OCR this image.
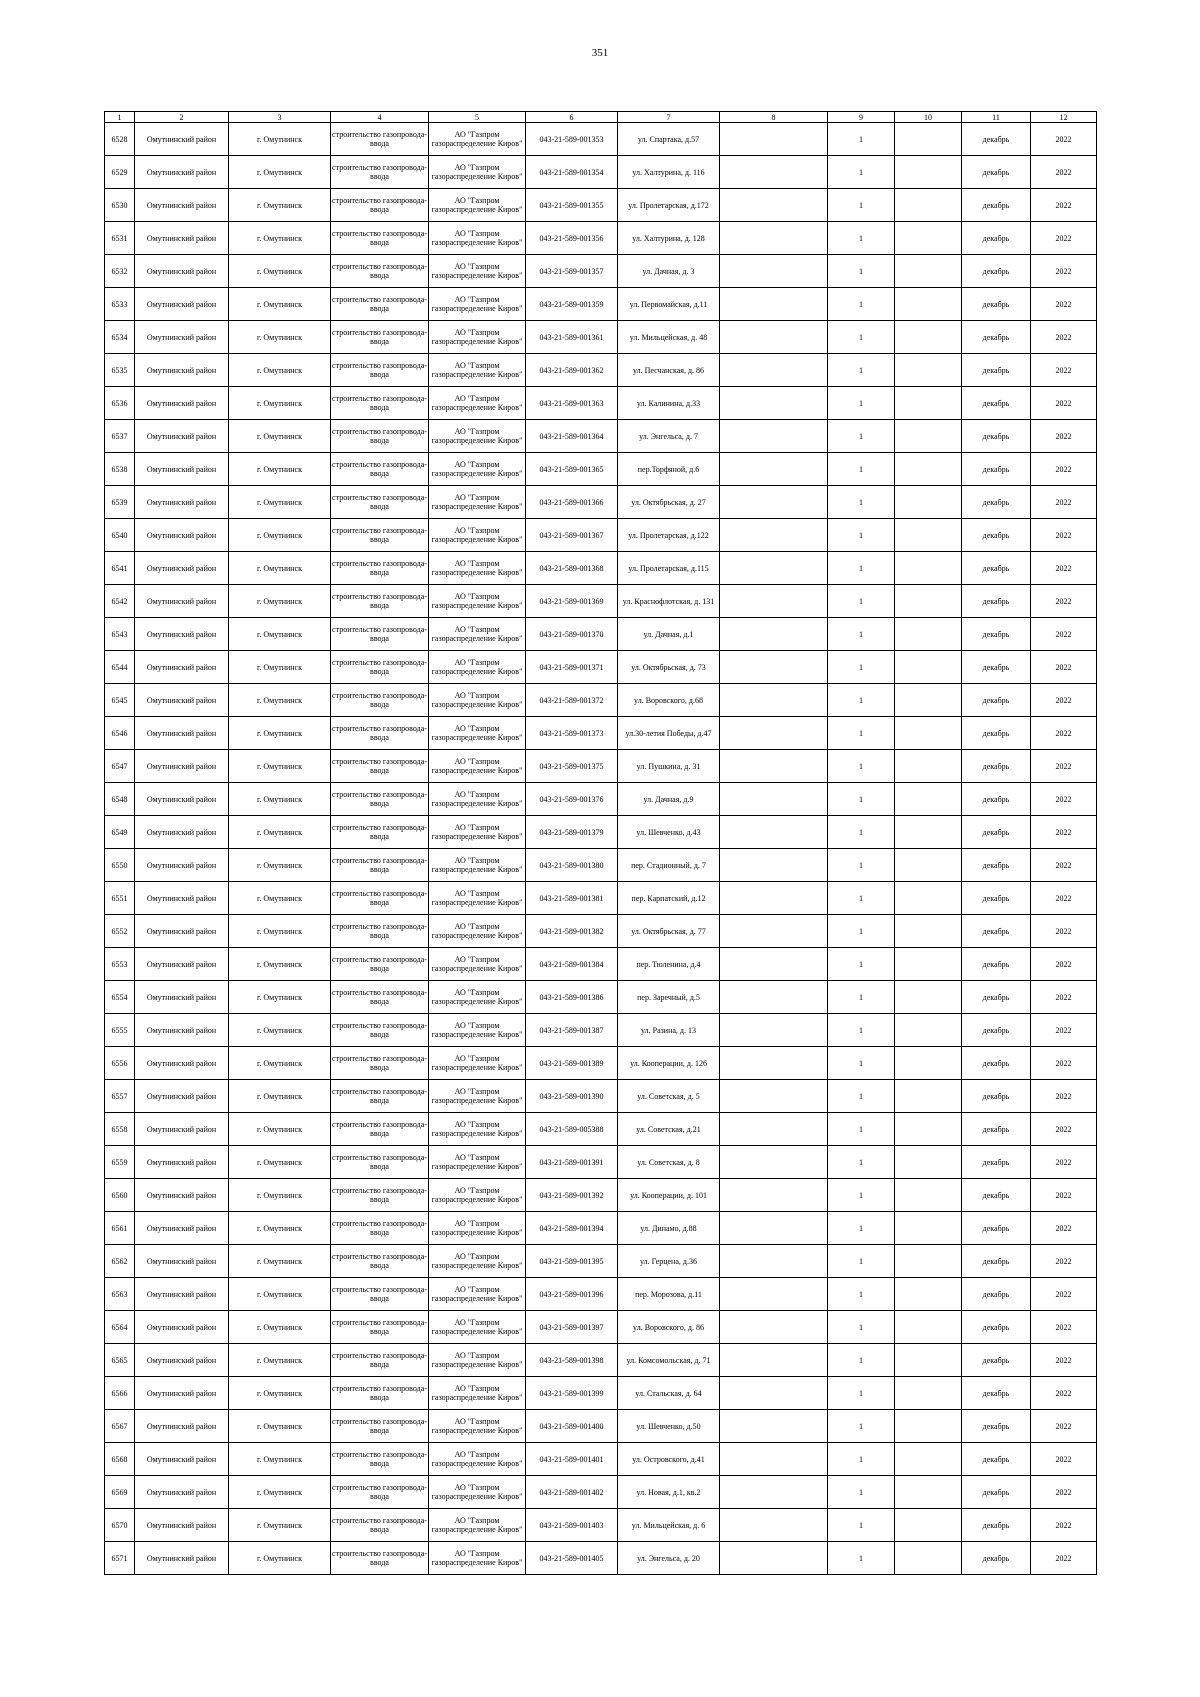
351
1	2	3	4	5	6	7	8	9	10	11	12
6528	Омутнинский район	г. Омутнинск	строительство газопровода-ввода	АО "Газпром газораспределение Киров"	043-21-589-001353	ул. Спартака, д.57		1		декабрь	2022
6529	Омутнинский район	г. Омутнинск	строительство газопровода-ввода	АО "Газпром газораспределение Киров"	043-21-589-001354	ул. Халтурина, д. 116		1		декабрь	2022
6530	Омутнинский район	г. Омутнинск	строительство газопровода-ввода	АО "Газпром газораспределение Киров"	043-21-589-001355	ул. Пролетарская, д.172		1		декабрь	2022
6531	Омутнинский район	г. Омутнинск	строительство газопровода-ввода	АО "Газпром газораспределение Киров"	043-21-589-001356	ул. Халтурина, д. 128		1		декабрь	2022
6532	Омутнинский район	г. Омутнинск	строительство газопровода-ввода	АО "Газпром газораспределение Киров"	043-21-589-001357	ул. Дачная, д. 3		1		декабрь	2022
6533	Омутнинский район	г. Омутнинск	строительство газопровода-ввода	АО "Газпром газораспределение Киров"	043-21-589-001359	ул. Первомайская, д.11		1		декабрь	2022
6534	Омутнинский район	г. Омутнинск	строительство газопровода-ввода	АО "Газпром газораспределение Киров"	043-21-589-001361	ул. Мильцейская, д. 48		1		декабрь	2022
6535	Омутнинский район	г. Омутнинск	строительство газопровода-ввода	АО "Газпром газораспределение Киров"	043-21-589-001362	ул. Песчанская, д. 86		1		декабрь	2022
6536	Омутнинский район	г. Омутнинск	строительство газопровода-ввода	АО "Газпром газораспределение Киров"	043-21-589-001363	ул. Калинина, д.33		1		декабрь	2022
6537	Омутнинский район	г. Омутнинск	строительство газопровода-ввода	АО "Газпром газораспределение Киров"	043-21-589-001364	ул. Энгельса, д. 7		1		декабрь	2022
6538	Омутнинский район	г. Омутнинск	строительство газопровода-ввода	АО "Газпром газораспределение Киров"	043-21-589-001365	пер.Торфяной, д.6		1		декабрь	2022
6539	Омутнинский район	г. Омутнинск	строительство газопровода-ввода	АО "Газпром газораспределение Киров"	043-21-589-001366	ул. Октябрьская, д. 27		1		декабрь	2022
6540	Омутнинский район	г. Омутнинск	строительство газопровода-ввода	АО "Газпром газораспределение Киров"	043-21-589-001367	ул. Пролетарская, д.122		1		декабрь	2022
6541	Омутнинский район	г. Омутнинск	строительство газопровода-ввода	АО "Газпром газораспределение Киров"	043-21-589-001368	ул. Пролетарская, д.115		1		декабрь	2022
6542	Омутнинский район	г. Омутнинск	строительство газопровода-ввода	АО "Газпром газораспределение Киров"	043-21-589-001369	ул. Краснофлотская, д. 131		1		декабрь	2022
6543	Омутнинский район	г. Омутнинск	строительство газопровода-ввода	АО "Газпром газораспределение Киров"	043-21-589-001370	ул. Дачная, д.1		1		декабрь	2022
6544	Омутнинский район	г. Омутнинск	строительство газопровода-ввода	АО "Газпром газораспределение Киров"	043-21-589-001371	ул. Октябрьская, д. 73		1		декабрь	2022
6545	Омутнинский район	г. Омутнинск	строительство газопровода-ввода	АО "Газпром газораспределение Киров"	043-21-589-001372	ул. Воровского, д.68		1		декабрь	2022
6546	Омутнинский район	г. Омутнинск	строительство газопровода-ввода	АО "Газпром газораспределение Киров"	043-21-589-001373	ул.30-летия Победы, д.47		1		декабрь	2022
6547	Омутнинский район	г. Омутнинск	строительство газопровода-ввода	АО "Газпром газораспределение Киров"	043-21-589-001375	ул. Пушкина, д. 31		1		декабрь	2022
6548	Омутнинский район	г. Омутнинск	строительство газопровода-ввода	АО "Газпром газораспределение Киров"	043-21-589-001376	ул. Дачная, д.9		1		декабрь	2022
6549	Омутнинский район	г. Омутнинск	строительство газопровода-ввода	АО "Газпром газораспределение Киров"	043-21-589-001379	ул. Шевченко, д.43		1		декабрь	2022
6550	Омутнинский район	г. Омутнинск	строительство газопровода-ввода	АО "Газпром газораспределение Киров"	043-21-589-001380	пер. Стадионный, д. 7		1		декабрь	2022
6551	Омутнинский район	г. Омутнинск	строительство газопровода-ввода	АО "Газпром газораспределение Киров"	043-21-589-001381	пер. Карпатский, д.12		1		декабрь	2022
6552	Омутнинский район	г. Омутнинск	строительство газопровода-ввода	АО "Газпром газораспределение Киров"	043-21-589-001382	ул. Октябрьская, д. 77		1		декабрь	2022
6553	Омутнинский район	г. Омутнинск	строительство газопровода-ввода	АО "Газпром газораспределение Киров"	043-21-589-001384	пер. Тюленина, д.4		1		декабрь	2022
6554	Омутнинский район	г. Омутнинск	строительство газопровода-ввода	АО "Газпром газораспределение Киров"	043-21-589-001386	пер. Заречный, д.5		1		декабрь	2022
6555	Омутнинский район	г. Омутнинск	строительство газопровода-ввода	АО "Газпром газораспределение Киров"	043-21-589-001387	ул. Разина, д. 13		1		декабрь	2022
6556	Омутнинский район	г. Омутнинск	строительство газопровода-ввода	АО "Газпром газораспределение Киров"	043-21-589-001389	ул. Кооперации, д. 126		1		декабрь	2022
6557	Омутнинский район	г. Омутнинск	строительство газопровода-ввода	АО "Газпром газораспределение Киров"	043-21-589-001390	ул. Советская, д. 5		1		декабрь	2022
6558	Омутнинский район	г. Омутнинск	строительство газопровода-ввода	АО "Газпром газораспределение Киров"	043-21-589-005388	ул. Советская, д.21		1		декабрь	2022
6559	Омутнинский район	г. Омутнинск	строительство газопровода-ввода	АО "Газпром газораспределение Киров"	043-21-589-001391	ул. Советская, д. 8		1		декабрь	2022
6560	Омутнинский район	г. Омутнинск	строительство газопровода-ввода	АО "Газпром газораспределение Киров"	043-21-589-001392	ул. Кооперации, д. 101		1		декабрь	2022
6561	Омутнинский район	г. Омутнинск	строительство газопровода-ввода	АО "Газпром газораспределение Киров"	043-21-589-001394	ул. Динамо, д.88		1		декабрь	2022
6562	Омутнинский район	г. Омутнинск	строительство газопровода-ввода	АО "Газпром газораспределение Киров"	043-21-589-001395	ул. Герцена, д.36		1		декабрь	2022
6563	Омутнинский район	г. Омутнинск	строительство газопровода-ввода	АО "Газпром газораспределение Киров"	043-21-589-001396	пер. Морозова, д.11		1		декабрь	2022
6564	Омутнинский район	г. Омутнинск	строительство газопровода-ввода	АО "Газпром газораспределение Киров"	043-21-589-001397	ул. Воровского, д. 86		1		декабрь	2022
6565	Омутнинский район	г. Омутнинск	строительство газопровода-ввода	АО "Газпром газораспределение Киров"	043-21-589-001398	ул. Комсомольская, д. 71		1		декабрь	2022
6566	Омутнинский район	г. Омутнинск	строительство газопровода-ввода	АО "Газпром газораспределение Киров"	043-21-589-001399	ул. Стальская, д. 64		1		декабрь	2022
6567	Омутнинский район	г. Омутнинск	строительство газопровода-ввода	АО "Газпром газораспределение Киров"	043-21-589-001400	ул. Шевченко, д.50		1		декабрь	2022
6568	Омутнинский район	г. Омутнинск	строительство газопровода-ввода	АО "Газпром газораспределение Киров"	043-21-589-001401	ул. Островского, д.41		1		декабрь	2022
6569	Омутнинский район	г. Омутнинск	строительство газопровода-ввода	АО "Газпром газораспределение Киров"	043-21-589-001402	ул. Новая, д.1, кв.2		1		декабрь	2022
6570	Омутнинский район	г. Омутнинск	строительство газопровода-ввода	АО "Газпром газораспределение Киров"	043-21-589-001403	ул. Мильцейская, д. 6		1		декабрь	2022
6571	Омутнинский район	г. Омутнинск	строительство газопровода-ввода	АО "Газпром газораспределение Киров"	043-21-589-001405	ул. Энгельса, д. 20		1		декабрь	2022
